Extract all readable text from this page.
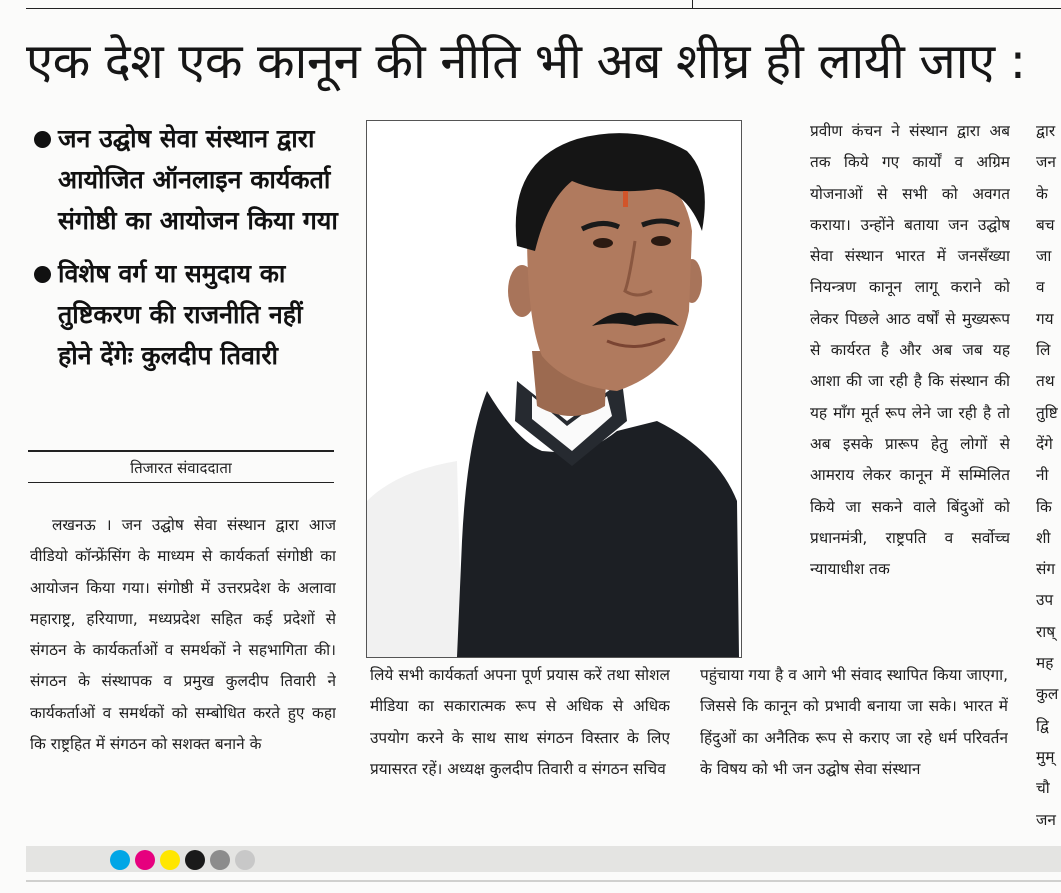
एक देश एक कानून की नीति भी अब शीघ्र ही लायी जाए :
जन उद्घोष सेवा संस्थान द्वारा आयोजित ऑनलाइन कार्यकर्ता संगोष्ठी का आयोजन किया गया
विशेष वर्ग या समुदाय का तुष्टिकरण की राजनीति नहीं होने देंगेः कुलदीप तिवारी
तिजारत संवाददाता

लखनऊ । जन उद्घोष सेवा संस्थान द्वारा आज वीडियो कॉन्फ्रेंसिंग के माध्यम से कार्यकर्ता संगोष्ठी का आयोजन किया गया। संगोष्ठी में उत्तरप्रदेश के अलावा महाराष्ट्र, हरियाणा, मध्यप्रदेश सहित कई प्रदेशों से संगठन के कार्यकर्ताओं व समर्थकों ने सहभागिता की। संगठन के संस्थापक व प्रमुख कुलदीप तिवारी ने कार्यकर्ताओं व समर्थकों को सम्बोधित करते हुए कहा कि राष्ट्रहित में संगठन को सशक्त बनाने के

लिये सभी कार्यकर्ता अपना पूर्ण प्रयास करें तथा सोशल मीडिया का सकारात्मक रूप से अधिक से अधिक उपयोग करने के साथ साथ संगठन विस्तार के लिए प्रयासरत रहें। अध्यक्ष कुलदीप तिवारी व संगठन सचिव

पहुंचाया गया है व आगे भी संवाद स्थापित किया जाएगा, जिससे कि कानून को प्रभावी बनाया जा सके। भारत में हिंदुओं का अनैतिक रूप से कराए जा रहे धर्म परिवर्तन के विषय को भी जन उद्घोष सेवा संस्थान

प्रवीण कंचन ने संस्थान द्वारा अब तक किये गए कार्यों व अग्रिम योजनाओं से सभी को अवगत कराया। उन्होंने बताया जन उद्घोष सेवा संस्थान भारत में जनसँख्या नियन्त्रण कानून लागू कराने को लेकर पिछले आठ वर्षों से मुख्यरूप से कार्यरत है और अब जब यह आशा की जा रही है कि संस्थान की यह माँग मूर्त रूप लेने जा रही है तो अब इसके प्रारूप हेतु लोगों से आमराय लेकर कानून में सम्मिलित किये जा सकने वाले बिंदुओं को प्रधानमंत्री, राष्ट्रपति व सर्वोच्च न्यायाधीश तक

द्वार
जन
के
बच
जा
व
गय
लि
तथ
तुष्टि
देंगे
नी
कि
शी
संग
उप
राष्
मह
कुल
द्वि
मुम्
चौ
जन
